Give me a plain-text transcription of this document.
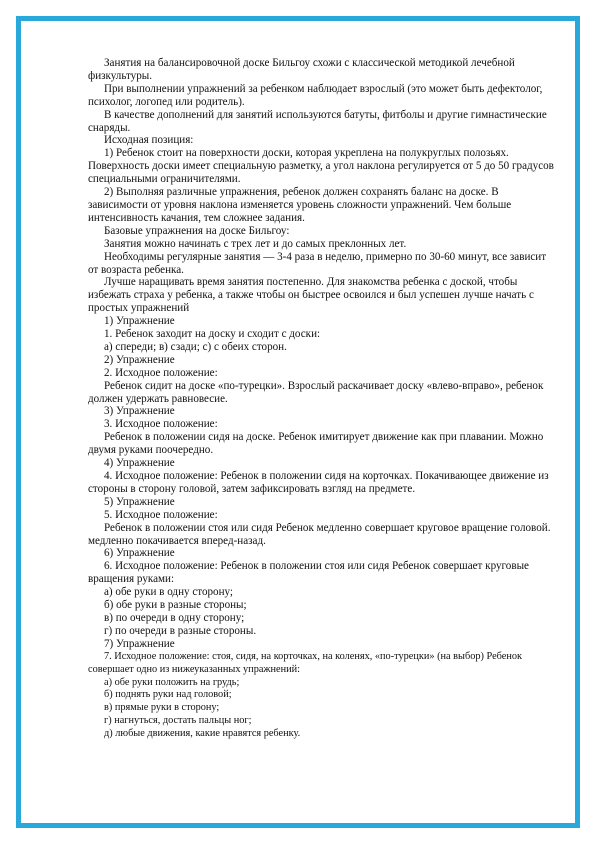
Занятия на балансировочной доске Бильгоу схожи с классической методикой лечебной физкультуры.

При выполнении упражнений за ребенком наблюдает взрослый (это может быть дефектолог, психолог, логопед или родитель).

В качестве дополнений для занятий используются батуты, фитболы и другие гимнастические снаряды.

Исходная позиция:

1) Ребенок стоит на поверхности доски, которая укреплена на полукруглых полозьях. Поверхность доски имеет специальную разметку, а угол наклона регулируется от 5 до 50 градусов специальными ограничителями.

2) Выполняя различные упражнения, ребенок должен сохранять баланс на доске. В зависимости от уровня наклона изменяется уровень сложности упражнений. Чем больше интенсивность качания, тем сложнее задания.

Базовые упражнения на доске Бильгоу:

Занятия можно начинать с трех лет и до самых преклонных лет.

Необходимы регулярные занятия — 3-4 раза в неделю, примерно по 30-60 минут, все зависит от возраста ребенка.

Лучше наращивать время занятия постепенно. Для знакомства ребенка с доской, чтобы избежать страха у ребенка, а также чтобы он быстрее освоился и был успешен лучше начать с простых упражнений

1) Упражнение

1. Ребенок заходит на доску и сходит с доски:

а) спереди; в) сзади; с) с обеих сторон.

2) Упражнение

2. Исходное положение:

Ребенок сидит на доске «по-турецки». Взрослый раскачивает доску «влево-вправо», ребенок должен удержать равновесие.

3) Упражнение

3. Исходное положение:

Ребенок в положении сидя на доске. Ребенок имитирует движение как при плавании. Можно двумя руками поочередно.

4) Упражнение

4. Исходное положение: Ребенок в положении сидя на корточках. Покачивающее движение из стороны в сторону головой, затем зафиксировать взгляд на предмете.

5) Упражнение

5. Исходное положение:

Ребенок в положении стоя или сидя Ребенок медленно совершает круговое вращение головой. медленно покачивается вперед-назад.

6) Упражнение

6. Исходное положение: Ребенок в положении стоя или сидя Ребенок совершает круговые вращения руками:

а) обе руки в одну сторону;

б) обе руки в разные стороны;

в) по очереди в одну сторону;

г) по очереди в разные стороны.

7) Упражнение

7. Исходное положение: стоя, сидя, на корточках, на коленях, «по-турецки» (на выбор) Ребенок совершает одно из нижеуказанных упражнений:

а) обе руки положить на грудь;

б) поднять руки над головой;

в) прямые руки в сторону;

г) нагнуться, достать пальцы ног;

д) любые движения, какие нравятся ребенку.
